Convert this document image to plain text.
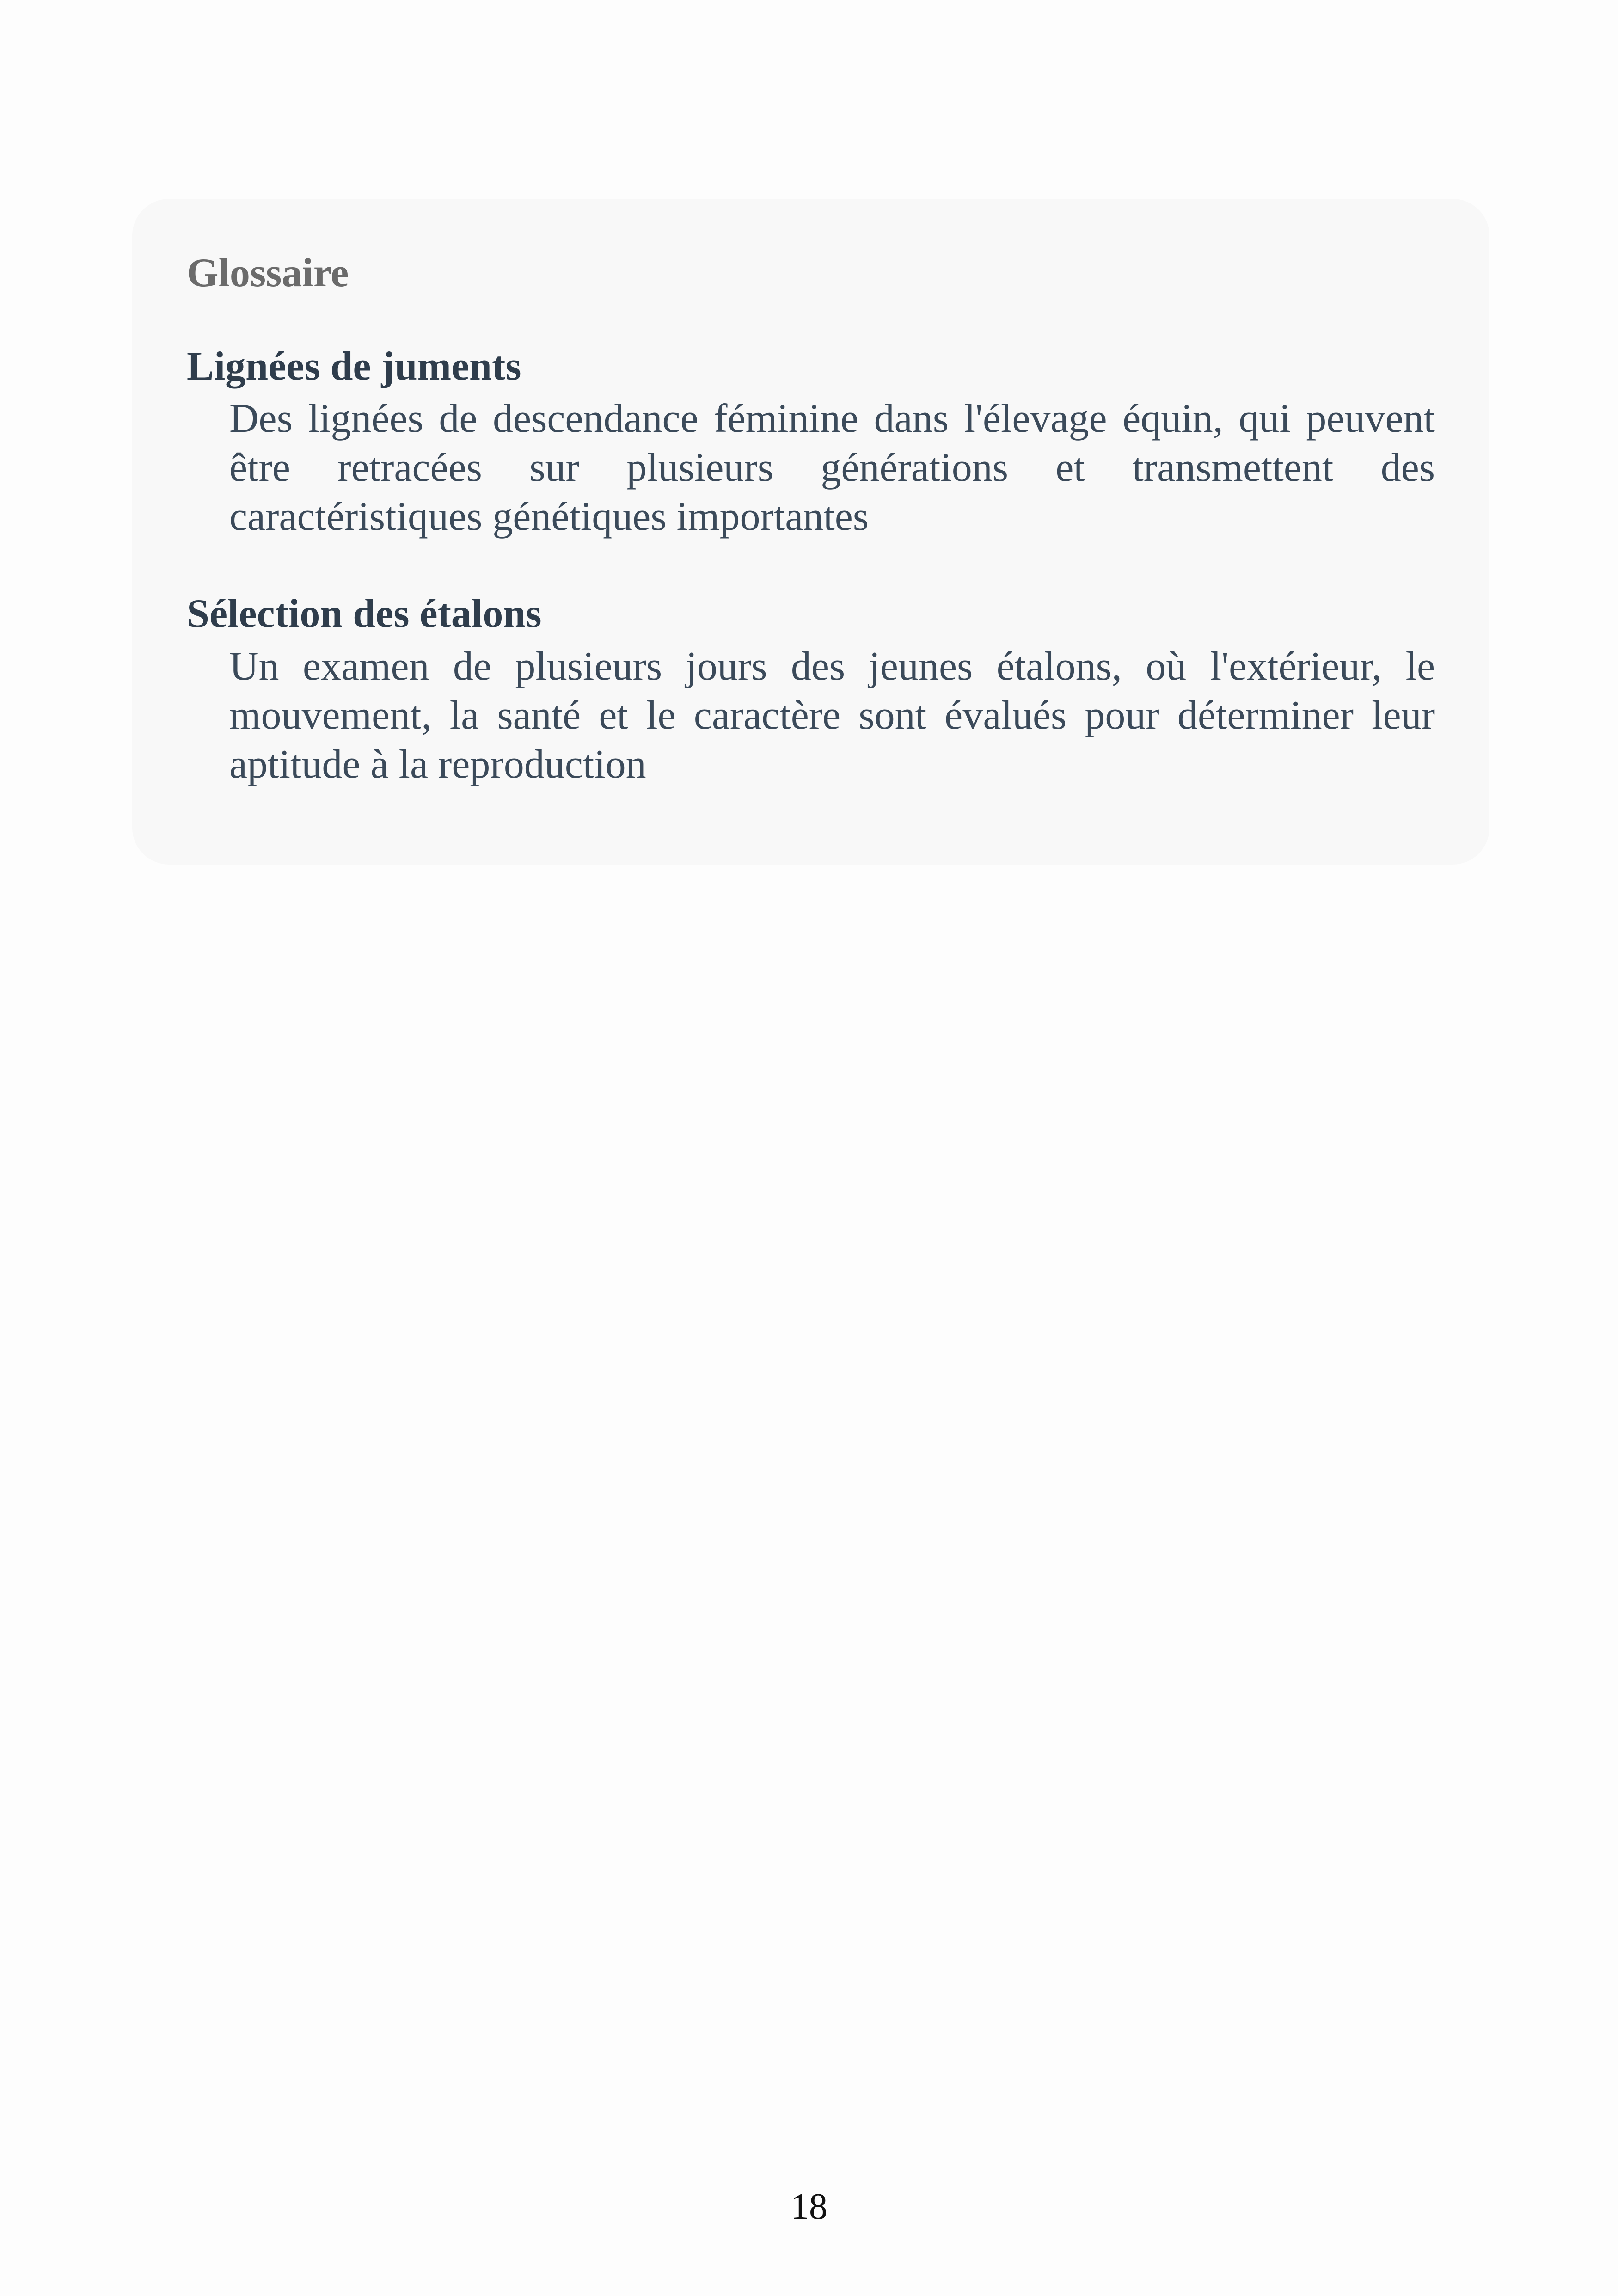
Glossaire
Lignées de juments

Des lignées de descendance féminine dans l'élevage équin, qui peuvent être retracées sur plusieurs générations et transmettent des caractéristiques génétiques importantes

Sélection des étalons

Un examen de plusieurs jours des jeunes étalons, où l'extérieur, le mouvement, la santé et le caractère sont évalués pour déterminer leur aptitude à la reproduction

18
